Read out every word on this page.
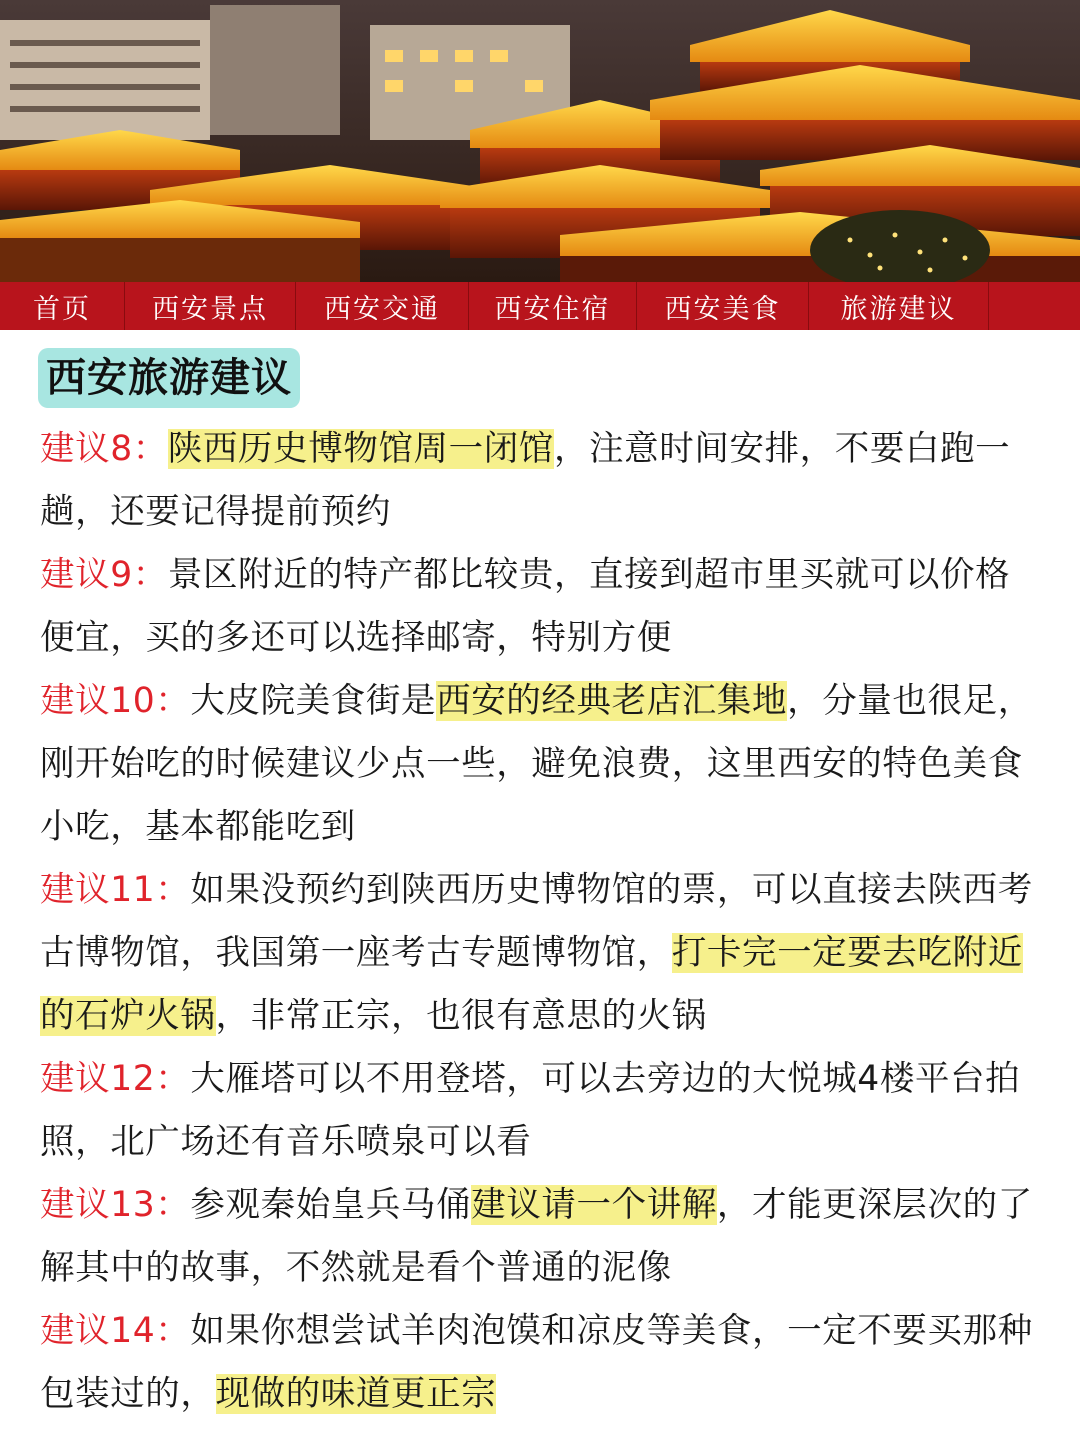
首页	西安景点	西安交通	西安住宿	西安美食	旅游建议
西安旅游建议
建议8：陕西历史博物馆周一闭馆，注意时间安排，不要白跑一趟，还要记得提前预约
建议9：景区附近的特产都比较贵，直接到超市里买就可以价格便宜，买的多还可以选择邮寄，特别方便
建议10：大皮院美食街是西安的经典老店汇集地，分量也很足，刚开始吃的时候建议少点一些，避免浪费，这里西安的特色美食小吃，基本都能吃到
建议11：如果没预约到陕西历史博物馆的票，可以直接去陕西考古博物馆，我国第一座考古专题博物馆，打卡完一定要去吃附近的石炉火锅，非常正宗，也很有意思的火锅
建议12：大雁塔可以不用登塔，可以去旁边的大悦城4楼平台拍照，北广场还有音乐喷泉可以看
建议13：参观秦始皇兵马俑建议请一个讲解，才能更深层次的了解其中的故事，不然就是看个普通的泥像
建议14：如果你想尝试羊肉泡馍和凉皮等美食，一定不要买那种包装过的，现做的味道更正宗
